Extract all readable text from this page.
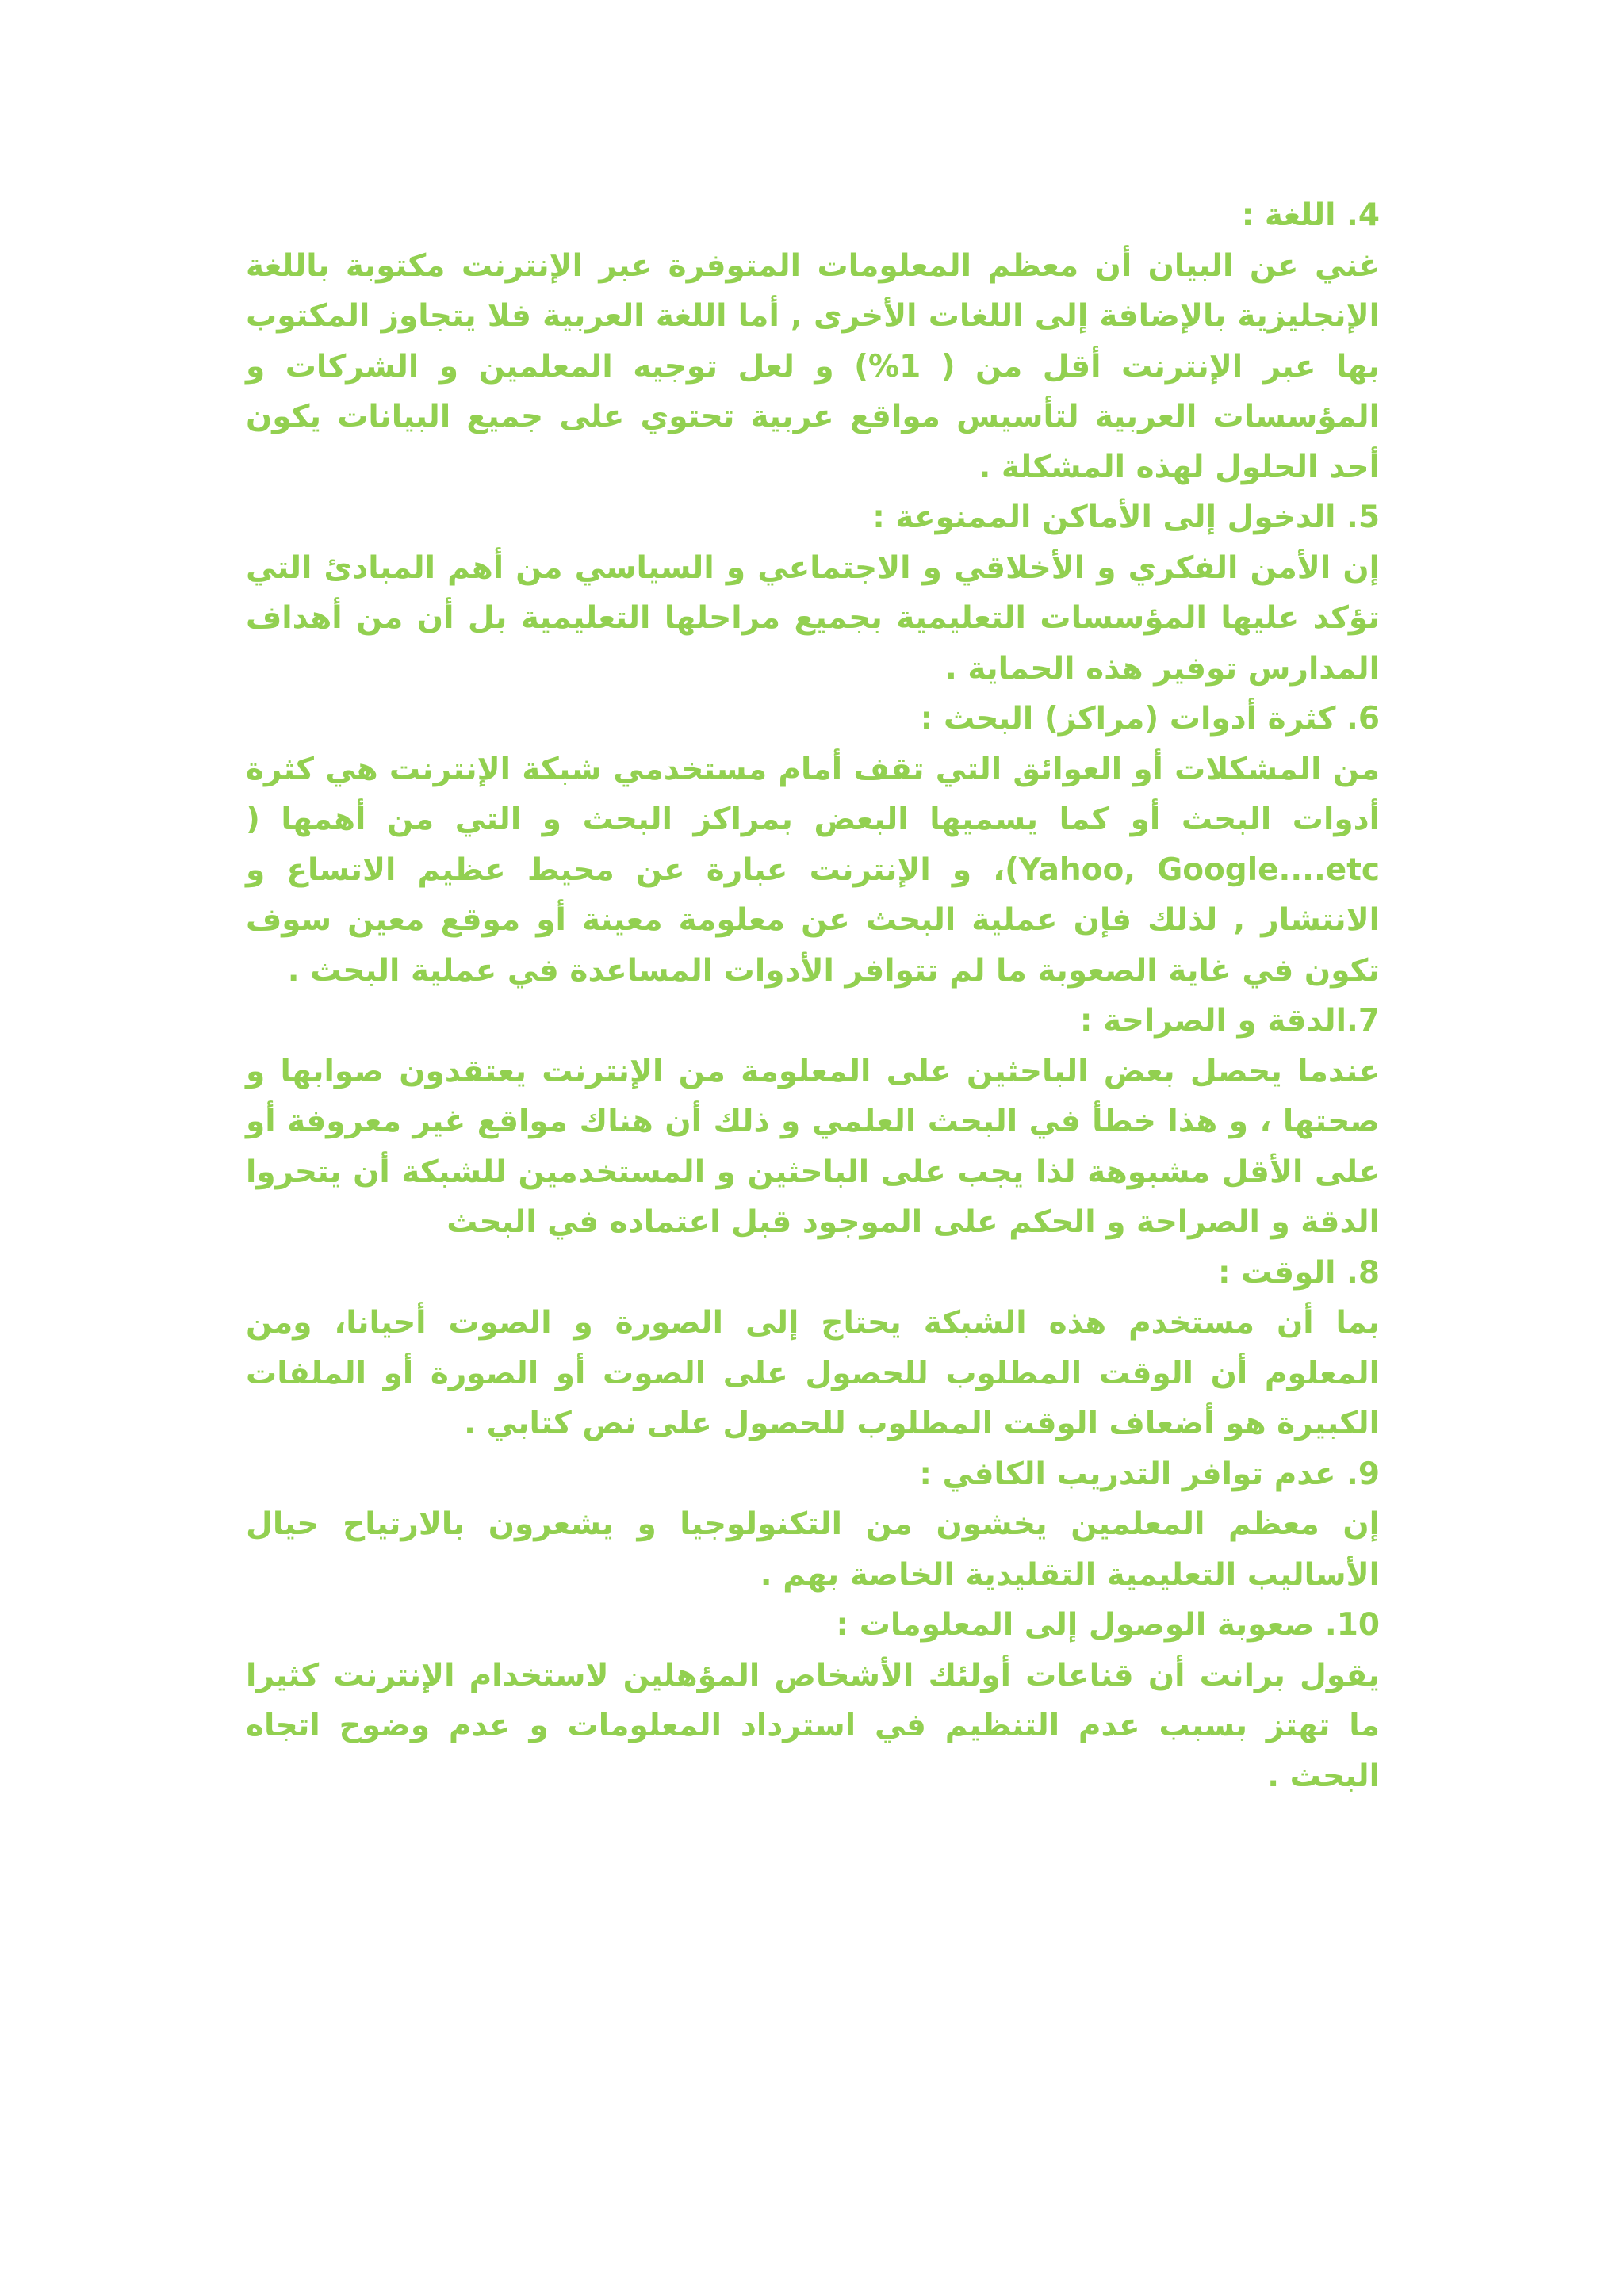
4. اللغة :
غني عن البيان أن معظم المعلومات المتوفرة عبر الإنترنت مكتوبة باللغة الإنجليزية بالإضافة إلى اللغات الأخرى , أما اللغة العربية فلا يتجاوز المكتوب بها عبر الإنترنت أقل من ( 1%) و لعل توجيه المعلمين و الشركات و المؤسسات العربية لتأسيس مواقع عربية تحتوي على جميع البيانات يكون أحد الحلول لهذه المشكلة .
5. الدخول إلى الأماكن الممنوعة :
إن الأمن الفكري و الأخلاقي و الاجتماعي و السياسي من أهم المبادئ التي تؤكد عليها المؤسسات التعليمية بجميع مراحلها التعليمية بل أن من أهداف المدارس توفير هذه الحماية .
6. كثرة أدوات (مراكز) البحث :
من المشكلات أو العوائق التي تقف أمام مستخدمي شبكة الإنترنت هي كثرة أدوات البحث أو كما يسميها البعض بمراكز البحث و التي من أهمها ( Yahoo, Google....etc)، و الإنترنت عبارة عن محيط عظيم الاتساع و الانتشار , لذلك فإن عملية البحث عن معلومة معينة أو موقع معين سوف تكون في غاية الصعوبة ما لم تتوافر الأدوات المساعدة في عملية البحث .
7.الدقة و الصراحة :
عندما يحصل بعض الباحثين على المعلومة من الإنترنت يعتقدون صوابها و صحتها ، و هذا خطأ في البحث العلمي و ذلك أن هناك مواقع غير معروفة أو على الأقل مشبوهة لذا يجب على الباحثين و المستخدمين للشبكة أن يتحروا الدقة و الصراحة و الحكم على الموجود قبل اعتماده في البحث
8. الوقت :
بما أن مستخدم هذه الشبكة يحتاج إلى الصورة و الصوت أحيانا، ومن المعلوم أن الوقت المطلوب للحصول على الصوت أو الصورة أو الملفات الكبيرة هو أضعاف الوقت المطلوب للحصول على نص كتابي .
9. عدم توافر التدريب الكافي :
إن معظم المعلمين يخشون من التكنولوجيا و يشعرون بالارتياح حيال الأساليب التعليمية التقليدية الخاصة بهم .
10. صعوبة الوصول إلى المعلومات :
يقول برانت أن قناعات أولئك الأشخاص المؤهلين لاستخدام الإنترنت كثيرا ما تهتز بسبب عدم التنظيم في استرداد المعلومات و عدم وضوح اتجاه البحث .
